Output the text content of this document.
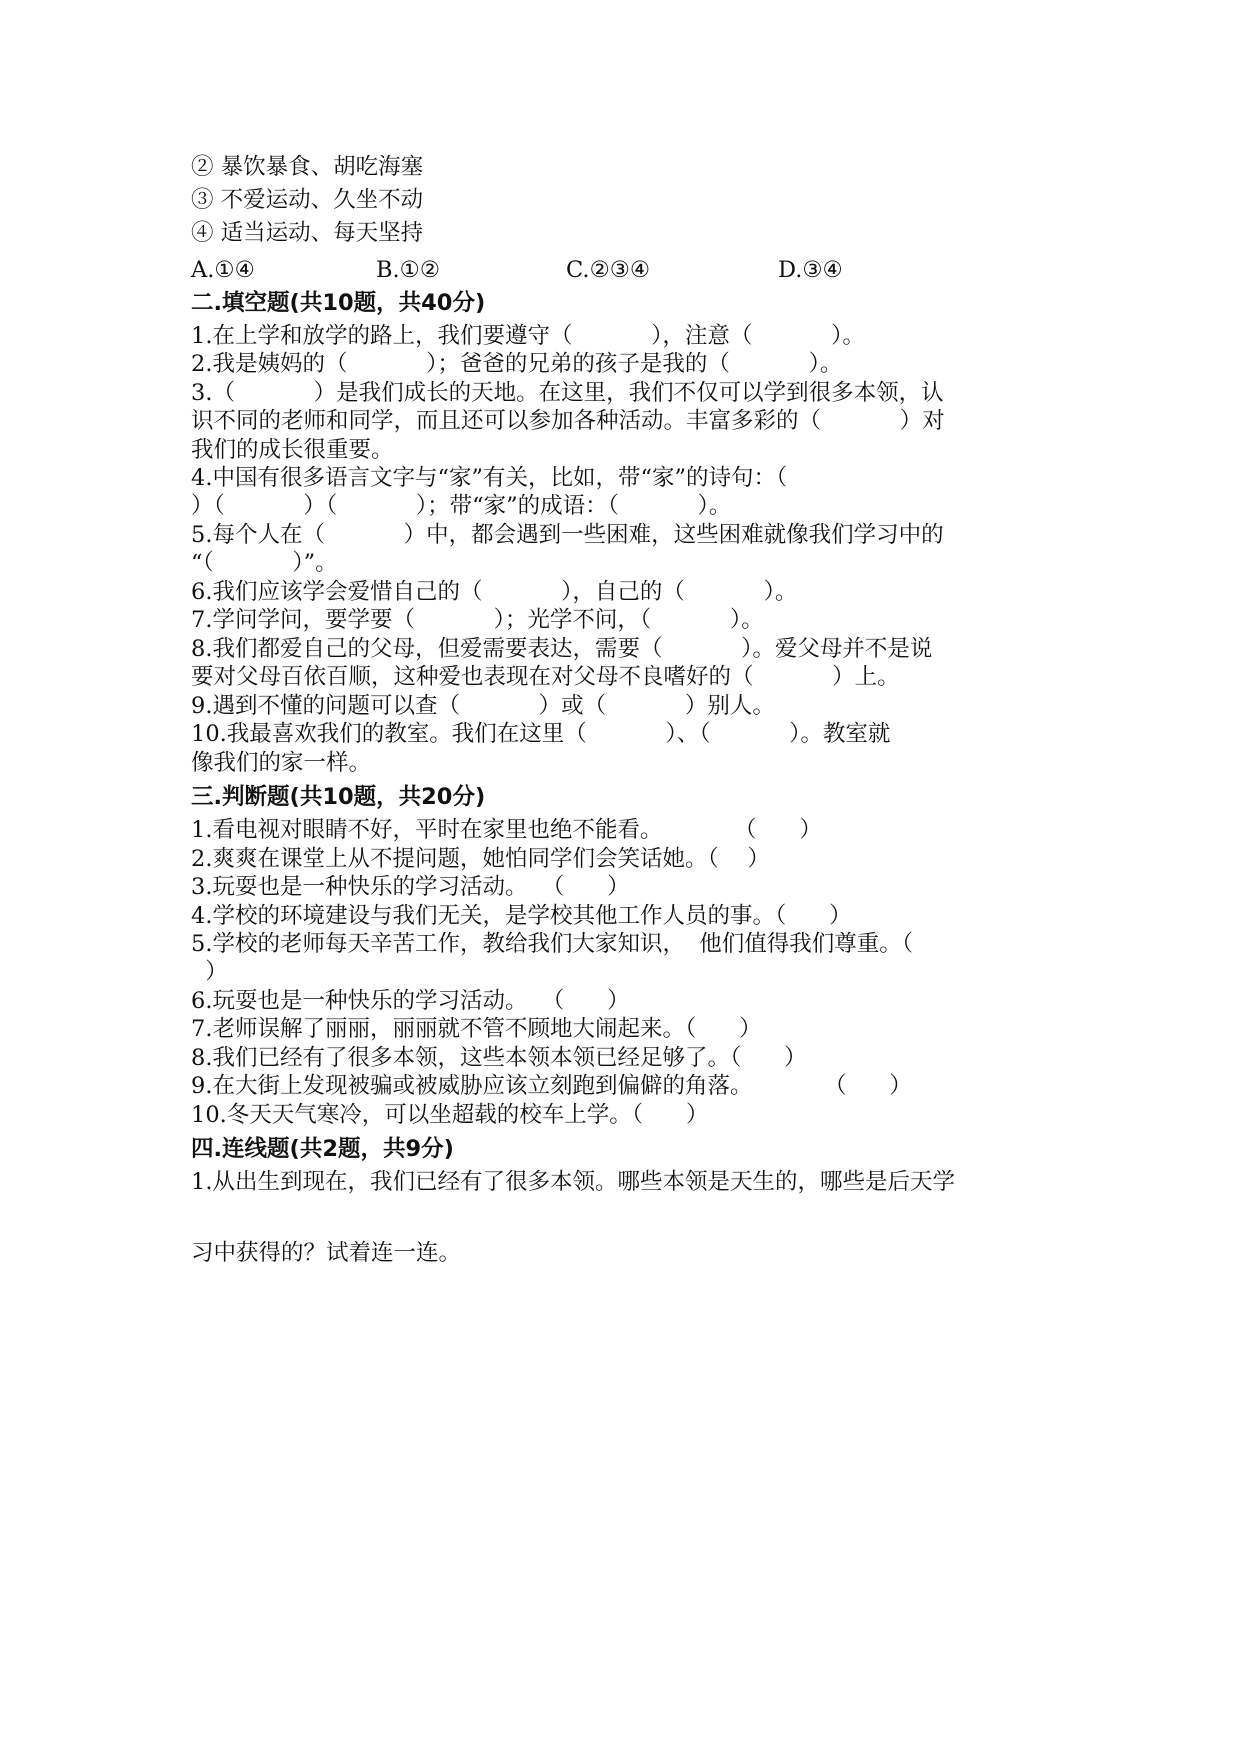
② 暴饮暴食、胡吃海塞
③ 不爱运动、久坐不动
④ 适当运动、每天坚持
A.①④	B.①②	C.②③④	D.③④
二.填空题(共10题，共40分)
1.在上学和放学的路上，我们要遵守（           ），注意（           ）。
2.我是姨妈的（           ）；爸爸的兄弟的孩子是我的（           ）。
3.（           ）是我们成长的天地。在这里，我们不仅可以学到很多本领，认
识不同的老师和同学，而且还可以参加各种活动。丰富多彩的（           ）对
我们的成长很重要。
4.中国有很多语言文字与“家”有关，比如，带“家”的诗句：（
）（           ）（           ）；带“家”的成语：（           ）。
5.每个人在（           ）中，都会遇到一些困难，这些困难就像我们学习中的
“（           ）”。
6.我们应该学会爱惜自己的（           ），自己的（           ）。
7.学问学问，要学要（           ）；光学不问，（           ）。
8.我们都爱自己的父母，但爱需要表达，需要（           ）。爱父母并不是说
要对父母百依百顺，这种爱也表现在对父母不良嗜好的（           ）上。
9.遇到不懂的问题可以查（           ）或（           ）别人。
10.我最喜欢我们的教室。我们在这里（           ）、（           ）。教室就
像我们的家一样。
三.判断题(共10题，共20分)
1.看电视对眼睛不好，平时在家里也绝不能看。          （      ）
2.爽爽在课堂上从不提问题，她怕同学们会笑话她。（    ）
3.玩耍也是一种快乐的学习活动。  （      ）
4.学校的环境建设与我们无关，是学校其他工作人员的事。（      ）
5.学校的老师每天辛苦工作，教给我们大家知识，  他们值得我们尊重。（
）
6.玩耍也是一种快乐的学习活动。  （      ）
7.老师误解了丽丽，丽丽就不管不顾地大闹起来。（      ）
8.我们已经有了很多本领，这些本领本领已经足够了。（      ）
9.在大街上发现被骗或被威胁应该立刻跑到偏僻的角落。          （      ）
10.冬天天气寒冷，可以坐超载的校车上学。（      ）
四.连线题(共2题，共9分)
1.从出生到现在，我们已经有了很多本领。哪些本领是天生的，哪些是后天学
习中获得的？试着连一连。
